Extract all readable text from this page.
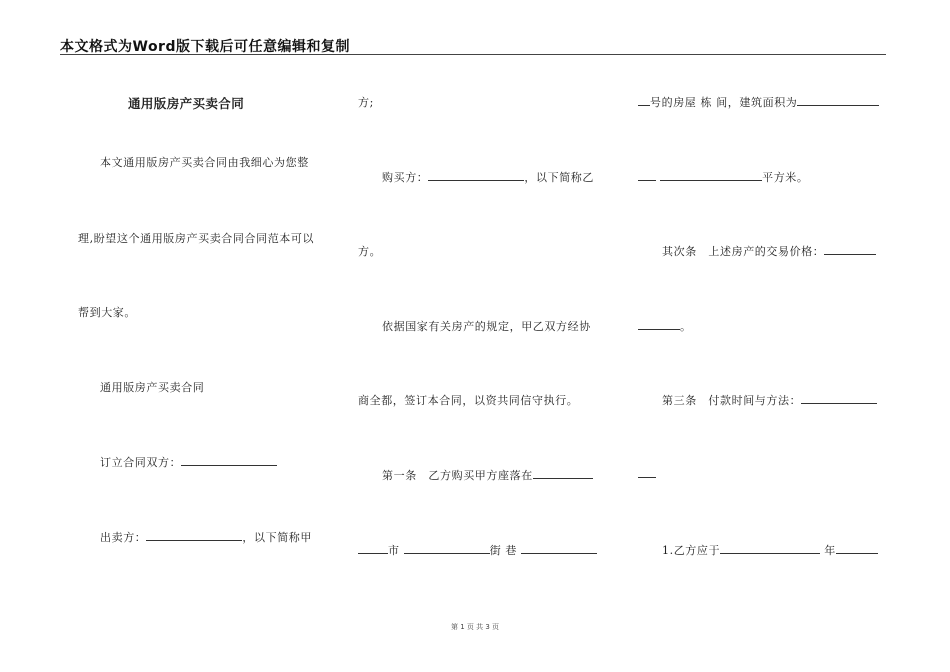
本文格式为Word版下载后可任意编辑和复制
通用版房产买卖合同
本文通用版房产买卖合同由我细心为您整
理,盼望这个通用版房产买卖合同合同范本可以
帮到大家。
通用版房产买卖合同
订立合同双方：
出卖方：	，以下简称甲
方;
购买方：	，以下简称乙
方。
依据国家有关房产的规定，甲乙双方经协
商全都，签订本合同，以资共同信守执行。
第一条　乙方购买甲方座落在
市	街 巷
号的房屋 栋 间，建筑面积为
平方米。
其次条　上述房产的交易价格：
。
第三条　付款时间与方法：
1.乙方应于	年
第 1 页 共 3 页
